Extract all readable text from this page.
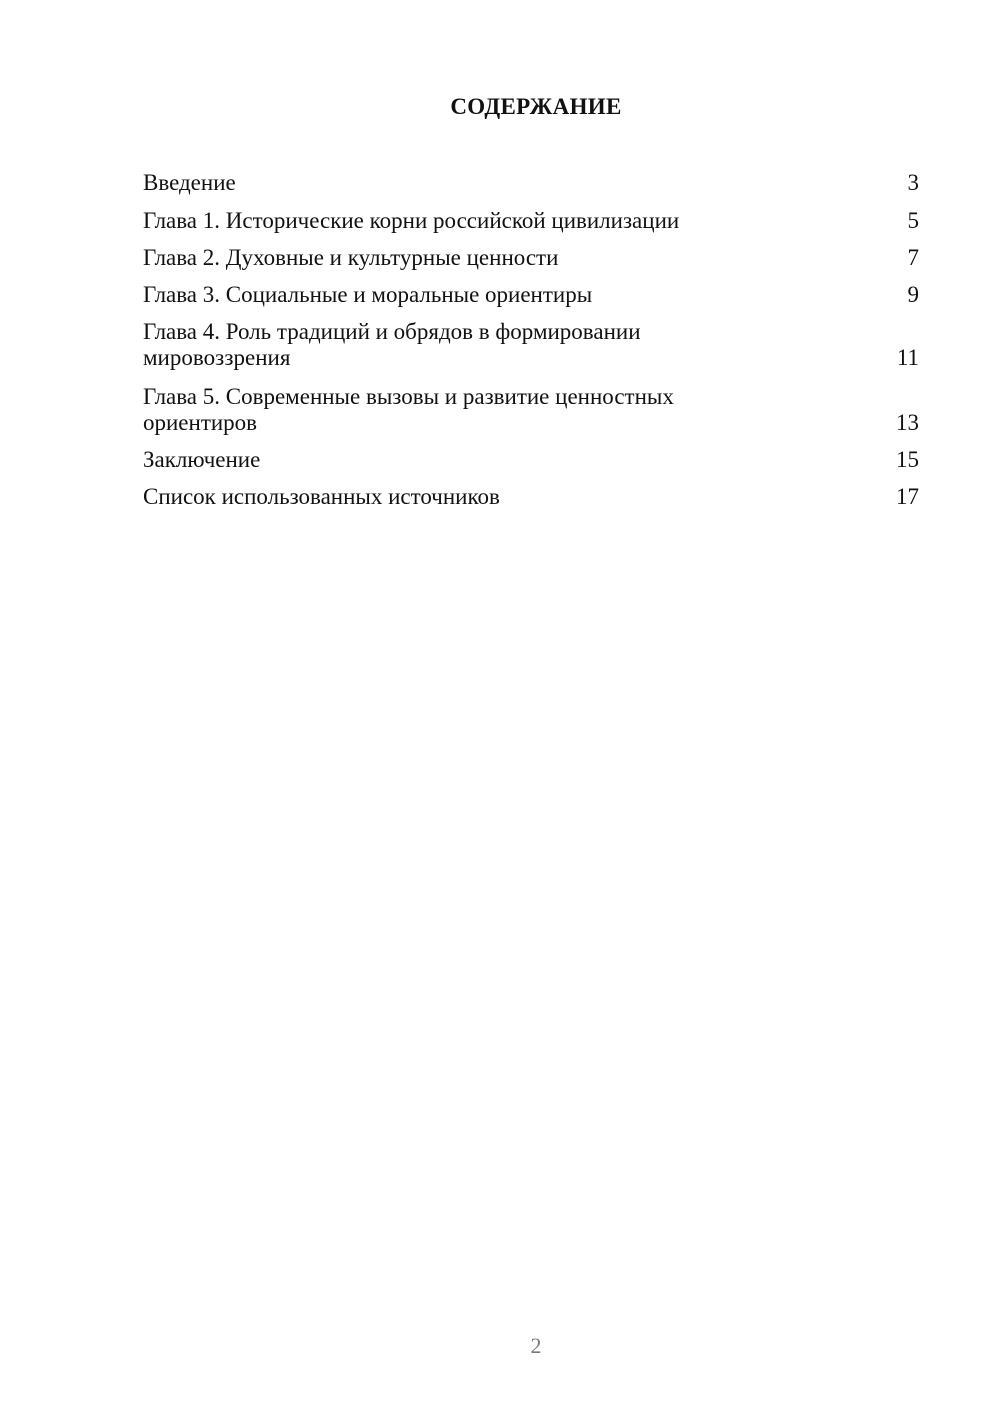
СОДЕРЖАНИЕ
Введение	3
Глава 1. Исторические корни российской цивилизации	5
Глава 2. Духовные и культурные ценности	7
Глава 3. Социальные и моральные ориентиры	9
Глава 4. Роль традиций и обрядов в формировании
мировоззрения	11
Глава 5. Современные вызовы и развитие ценностных
ориентиров	13
Заключение	15
Список использованных источников	17
2
